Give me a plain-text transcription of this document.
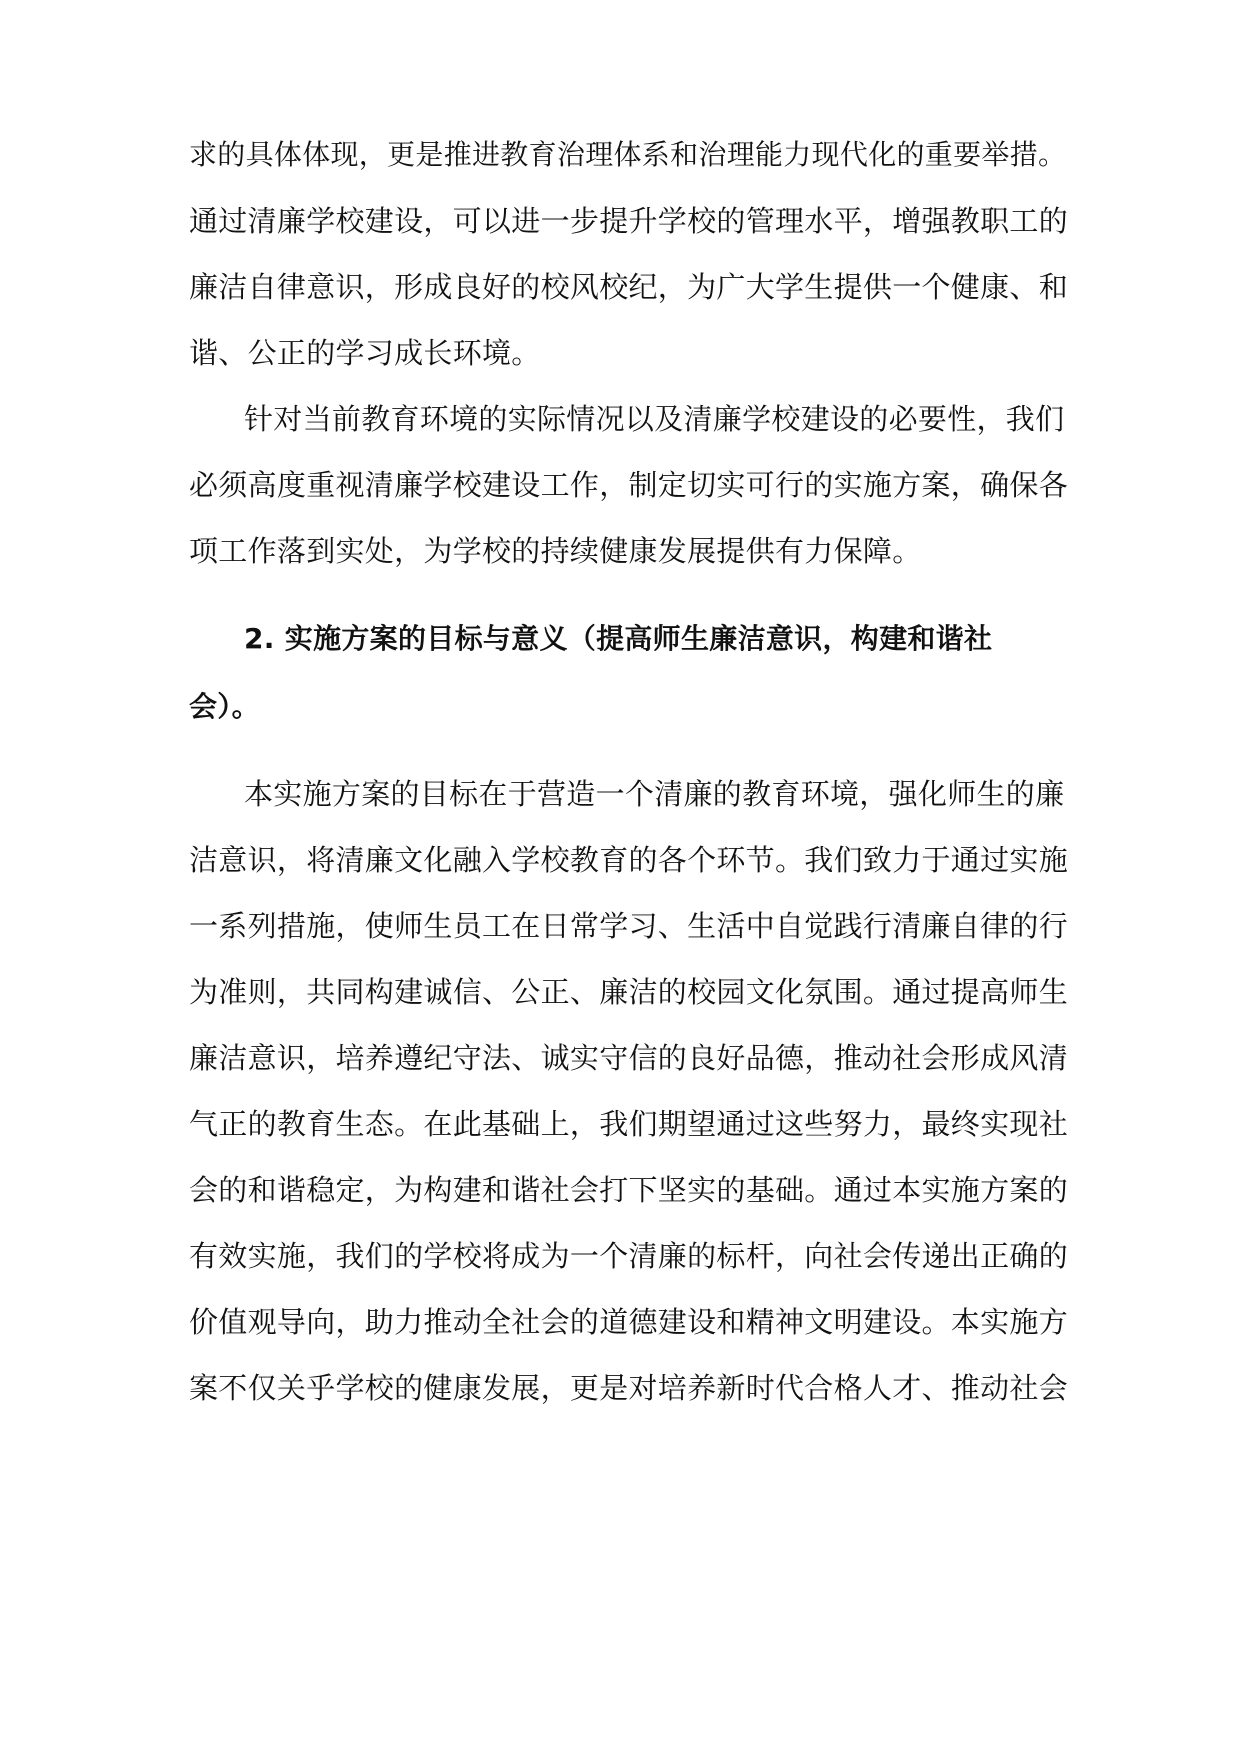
求的具体体现，更是推进教育治理体系和治理能力现代化的重要举措。
通过清廉学校建设，可以进一步提升学校的管理水平，增强教职工的
廉洁自律意识，形成良好的校风校纪，为广大学生提供一个健康、和
谐、公正的学习成长环境。
针对当前教育环境的实际情况以及清廉学校建设的必要性，我们
必须高度重视清廉学校建设工作，制定切实可行的实施方案，确保各
项工作落到实处，为学校的持续健康发展提供有力保障。
2. 实施方案的目标与意义（提高师生廉洁意识，构建和谐社
会）。
本实施方案的目标在于营造一个清廉的教育环境，强化师生的廉
洁意识，将清廉文化融入学校教育的各个环节。我们致力于通过实施
一系列措施，使师生员工在日常学习、生活中自觉践行清廉自律的行
为准则，共同构建诚信、公正、廉洁的校园文化氛围。通过提高师生
廉洁意识，培养遵纪守法、诚实守信的良好品德，推动社会形成风清
气正的教育生态。在此基础上，我们期望通过这些努力，最终实现社
会的和谐稳定，为构建和谐社会打下坚实的基础。通过本实施方案的
有效实施，我们的学校将成为一个清廉的标杆，向社会传递出正确的
价值观导向，助力推动全社会的道德建设和精神文明建设。本实施方
案不仅关乎学校的健康发展，更是对培养新时代合格人才、推动社会
